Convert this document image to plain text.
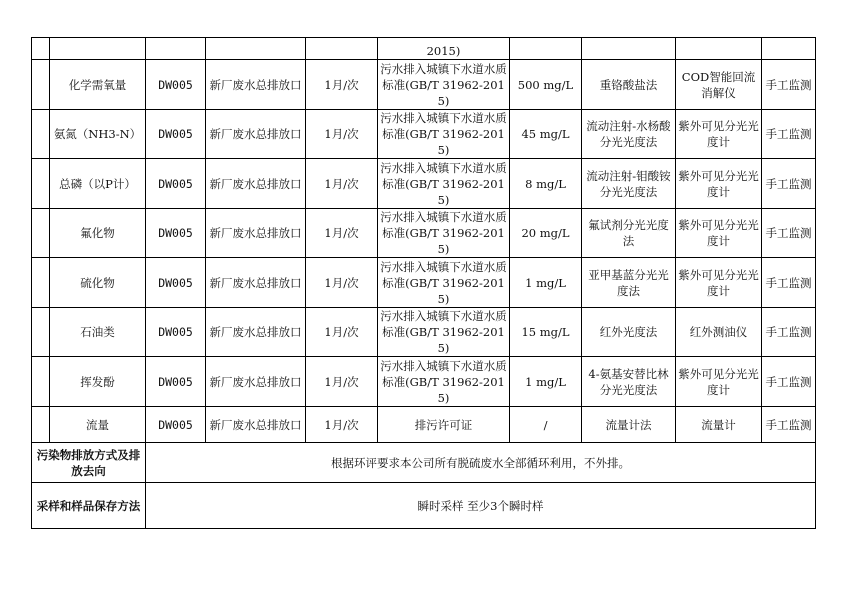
					2015)				
	化学需氧量	DW005	新厂废水总排放口	1月/次	污水排入城镇下水道水质标准(GB/T 31962-2015)	500 mg/L	重铬酸盐法	COD智能回流消解仪	手工监测
	氨氮（NH3-N）	DW005	新厂废水总排放口	1月/次	污水排入城镇下水道水质标准(GB/T 31962-2015)	45 mg/L	流动注射-水杨酸分光光度法	紫外可见分光光度计	手工监测
	总磷（以P计）	DW005	新厂废水总排放口	1月/次	污水排入城镇下水道水质标准(GB/T 31962-2015)	8 mg/L	流动注射-钼酸铵分光光度法	紫外可见分光光度计	手工监测
	氟化物	DW005	新厂废水总排放口	1月/次	污水排入城镇下水道水质标准(GB/T 31962-2015)	20 mg/L	氟试剂分光光度法	紫外可见分光光度计	手工监测
	硫化物	DW005	新厂废水总排放口	1月/次	污水排入城镇下水道水质标准(GB/T 31962-2015)	1 mg/L	亚甲基蓝分光光度法	紫外可见分光光度计	手工监测
	石油类	DW005	新厂废水总排放口	1月/次	污水排入城镇下水道水质标准(GB/T 31962-2015)	15 mg/L	红外光度法	红外测油仪	手工监测
	挥发酚	DW005	新厂废水总排放口	1月/次	污水排入城镇下水道水质标准(GB/T 31962-2015)	1 mg/L	4-氨基安替比林分光光度法	紫外可见分光光度计	手工监测
	流量	DW005	新厂废水总排放口	1月/次	排污许可证	/	流量计法	流量计	手工监测
污染物排放方式及排放去向		根据环评要求本公司所有脱硫废水全部循环利用，不外排。							
采样和样品保存方法		瞬时采样 至少3个瞬时样							
